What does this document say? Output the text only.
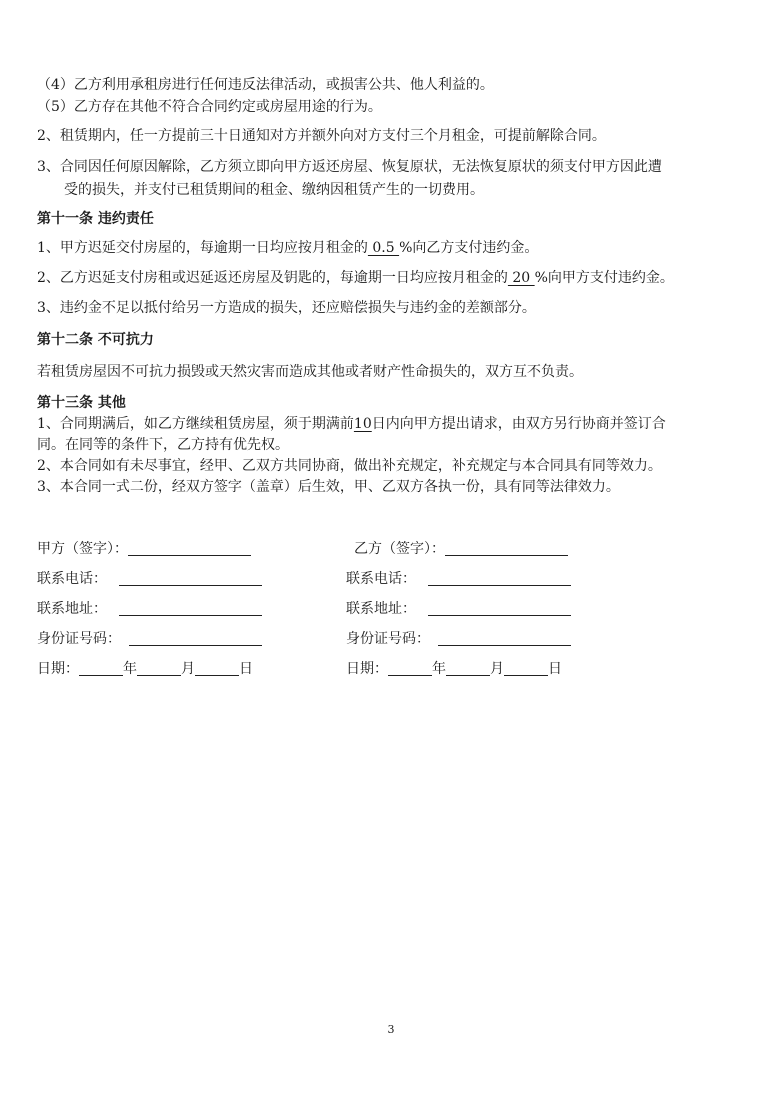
（4）乙方利用承租房进行任何违反法律活动，或损害公共、他人利益的。
（5）乙方存在其他不符合合同约定或房屋用途的行为。
2、租赁期内，任一方提前三十日通知对方并额外向对方支付三个月租金，可提前解除合同。
3、合同因任何原因解除，乙方须立即向甲方返还房屋、恢复原状，无法恢复原状的须支付甲方因此遭
受的损失，并支付已租赁期间的租金、缴纳因租赁产生的一切费用。
第十一条 违约责任
1、甲方迟延交付房屋的，每逾期一日均应按月租金的 0.5 %向乙方支付违约金。
2、乙方迟延支付房租或迟延返还房屋及钥匙的，每逾期一日均应按月租金的 20 %向甲方支付违约金。
3、违约金不足以抵付给另一方造成的损失，还应赔偿损失与违约金的差额部分。
第十二条 不可抗力
若租赁房屋因不可抗力损毁或天然灾害而造成其他或者财产性命损失的，双方互不负责。
第十三条 其他
1、合同期满后，如乙方继续租赁房屋，须于期满前10日内向甲方提出请求，由双方另行协商并签订合
同。在同等的条件下，乙方持有优先权。
2、本合同如有未尽事宜，经甲、乙双方共同协商，做出补充规定，补充规定与本合同具有同等效力。
3、本合同一式二份，经双方签字（盖章）后生效，甲、乙双方各执一份，具有同等法律效力。
甲方（签字）：	乙方（签字）：
联系电话：	联系电话：
联系地址：	联系地址：
身份证号码：	身份证号码：
日期：	年	月	日	日期：	年	月	日
3
